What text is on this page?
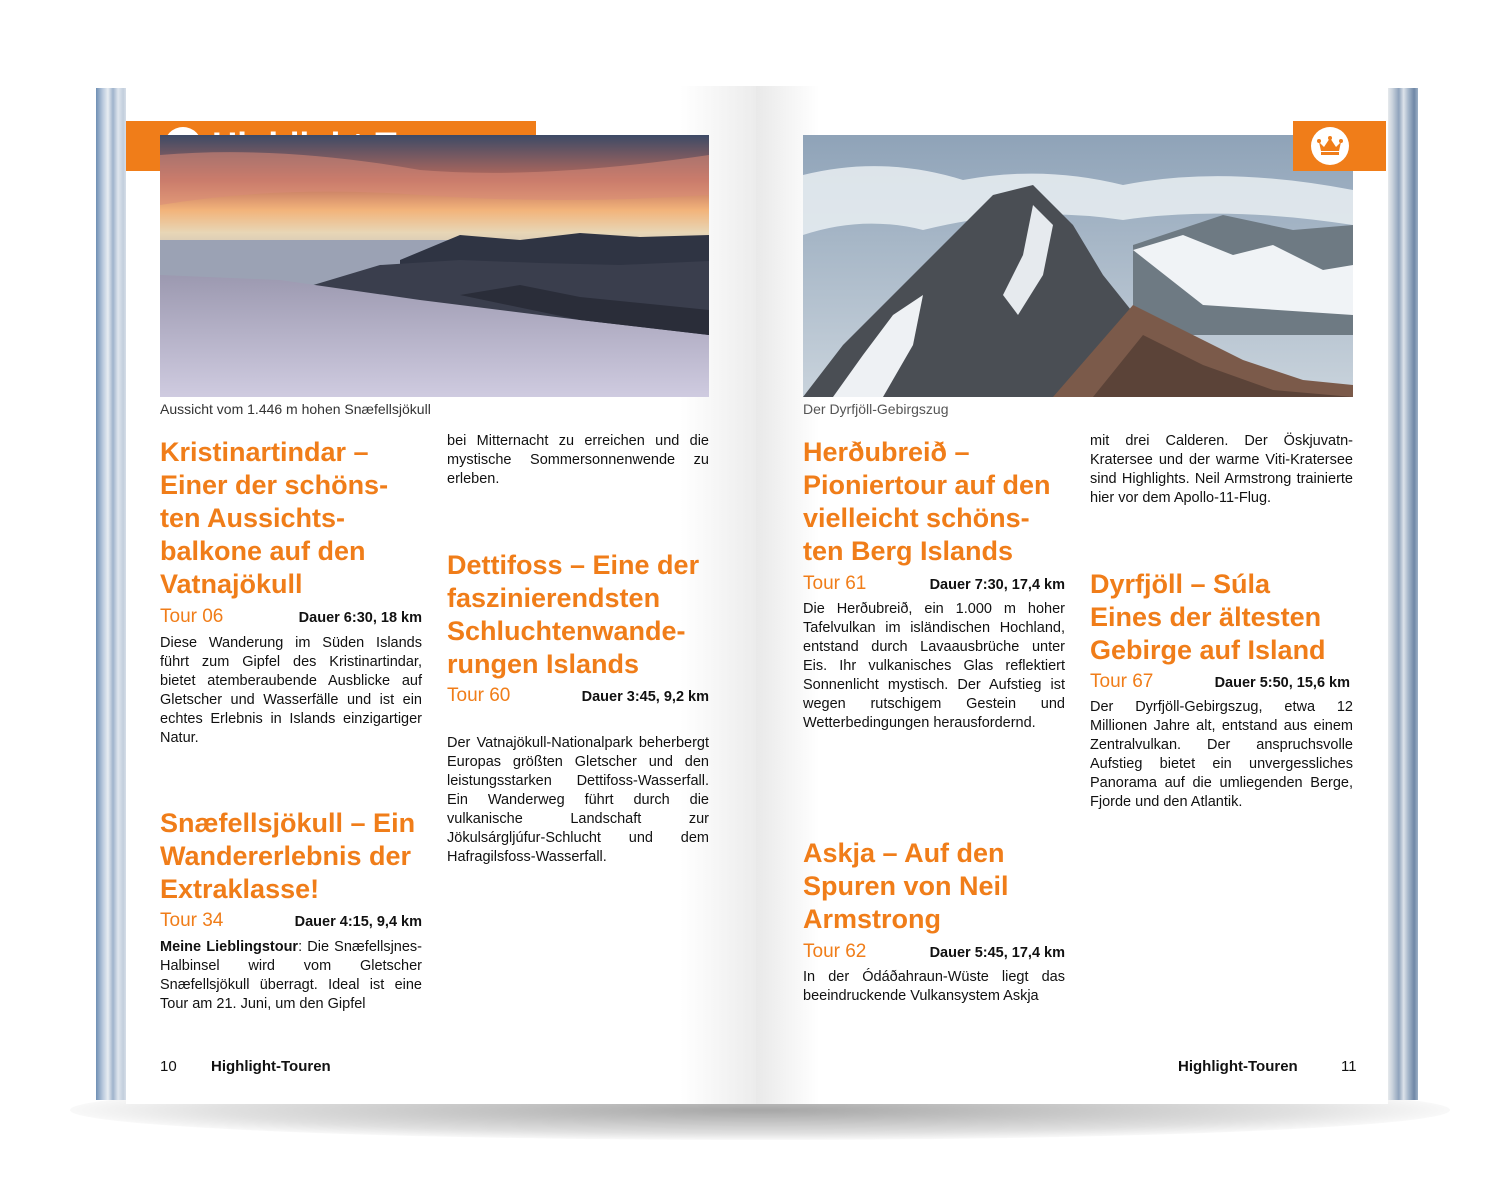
Aussicht vom 1.446 m hohen Snæfellsjökull
Kristinartindar –
Einer der schöns-
ten Aussichts-
balkone auf den
Vatnajökull
Tour 06	Dauer 6:30, 18 km

Diese Wanderung im Süden Islands führt zum Gipfel des Kristinartindar, bietet atemberaubende Ausblicke auf Gletscher und Wasserfälle und ist ein echtes Erlebnis in Islands einzigartiger Natur.

Snæfellsjökull – Ein
Wandererlebnis der
Extraklasse!
Tour 34	Dauer 4:15, 9,4 km

Meine Lieblingstour: Die Snæfellsjnes-Halbinsel wird vom Gletscher Snæfellsjökull überragt. Ideal ist eine Tour am 21. Juni, um den Gipfel

bei Mitternacht zu erreichen und die mystische Sommersonnenwende zu erleben.

Dettifoss – Eine der
faszinierendsten
Schluchtenwande-
rungen Islands
Tour 60	Dauer 3:45, 9,2 km

Der Vatnajökull-Nationalpark beherbergt Europas größten Gletscher und den leistungsstarken Dettifoss-Wasserfall. Ein Wanderweg führt durch die vulkanische Landschaft zur Jökulsárgljúfur-Schlucht und dem Hafragilsfoss-Wasserfall.

10 Highlight-Touren
Der Dyrfjöll-Gebirgszug
Herðubreið –
Pioniertour auf den
vielleicht schöns-
ten Berg Islands
Tour 61	Dauer 7:30, 17,4 km

Die Herðubreið, ein 1.000 m hoher Tafelvulkan im isländischen Hochland, entstand durch Lavaausbrüche unter Eis. Ihr vulkanisches Glas reflektiert Sonnenlicht mystisch. Der Aufstieg ist wegen rutschigem Gestein und Wetterbedingungen herausfordernd.

Askja – Auf den
Spuren von Neil
Armstrong
Tour 62	Dauer 5:45, 17,4 km

In der Ódáðahraun-Wüste liegt das beeindruckende Vulkansystem Askja

mit drei Calderen. Der Öskjuvatn-Kratersee und der warme Viti-Kratersee sind Highlights. Neil Armstrong trainierte hier vor dem Apollo-11-Flug.

Dyrfjöll – Súla
Eines der ältesten
Gebirge auf Island
Tour 67	Dauer 5:50, 15,6 km

Der Dyrfjöll-Gebirgszug, etwa 12 Millionen Jahre alt, entstand aus einem Zentralvulkan. Der anspruchsvolle Aufstieg bietet ein unvergessliches Panorama auf die umliegenden Berge, Fjorde und den Atlantik.

Highlight-Touren	11
